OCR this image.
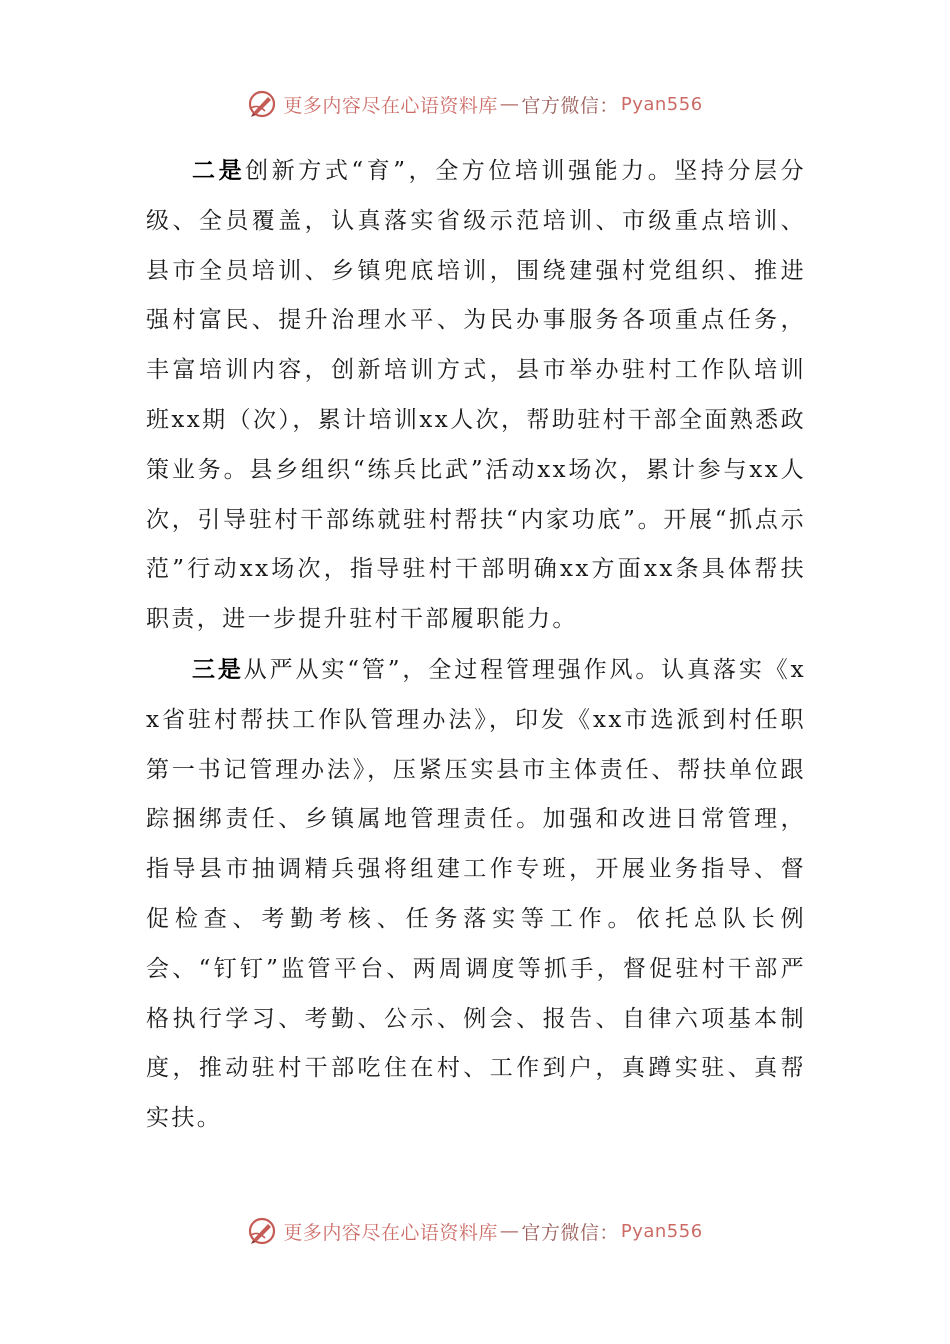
更多内容尽在心语资料库 — 官方微信： Pyan556

二是创新方式“育”，全方位培训强能力。坚持分层分级、全员覆盖，认真落实省级示范培训、市级重点培训、县市全员培训、乡镇兜底培训，围绕建强村党组织、推进强村富民、提升治理水平、为民办事服务各项重点任务，丰富培训内容，创新培训方式，县市举办驻村工作队培训班xx期（次），累计培训xx人次，帮助驻村干部全面熟悉政策业务。县乡组织“练兵比武”活动xx场次，累计参与xx人次，引导驻村干部练就驻村帮扶“内家功底”。开展“抓点示范”行动xx场次，指导驻村干部明确xx方面xx条具体帮扶职责，进一步提升驻村干部履职能力。

三是从严从实“管”，全过程管理强作风。认真落实《xx省驻村帮扶工作队管理办法》，印发《xx市选派到村任职第一书记管理办法》，压紧压实县市主体责任、帮扶单位跟踪捆绑责任、乡镇属地管理责任。加强和改进日常管理，指导县市抽调精兵强将组建工作专班，开展业务指导、督促检查、考勤考核、任务落实等工作。依托总队长例会、“钉钉”监管平台、两周调度等抓手，督促驻村干部严格执行学习、考勤、公示、例会、报告、自律六项基本制度，推动驻村干部吃住在村、工作到户，真蹲实驻、真帮实扶。

更多内容尽在心语资料库 — 官方微信： Pyan556
